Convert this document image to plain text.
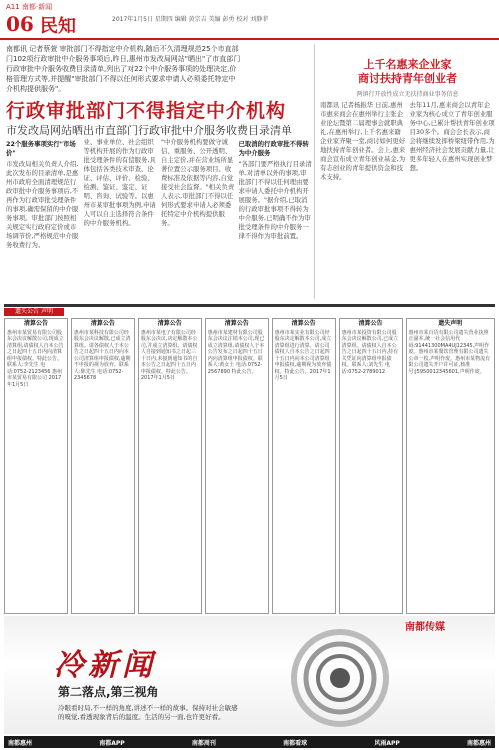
A11 南都·新闻
06 民知	2017年1月5日 星期四 编辑 黄宗吉 美编 彭勇 校对 刘静菲
南都讯 记者蔡萱 审批部门不得指定中介机构,随后不久清理规范25个市直部门102项行政审批中介服务事项后,昨日,惠州市发改局网站"晒出"了市直部门行政审批中介服务收费目录清单,列出了对22个中介服务事项的处理决定,价格管理方式等,并提醒"审批部门不得以任何形式要求申请人必须委托特定中介机构提供服务"。
行政审批部门不得指定中介机构
市发改局网站晒出市直部门行政审批中介服务收费目录清单
22个服务事项实行"市场价"
市发改局相关负责人介绍,此次发布的目录清单,是惠州市政府全面清理规范行政审批中介服务事项后,不再作为行政审批受理条件的事项,确需保留的中介服务事项。审批部门按照相关规定实行政府定价或市场调节价,严格规范中介服务收费行为。
业、事业单位、社会组织等机构开展的作为行政审批受理条件的有偿服务,具体包括各类技术审查、论证、评估、评价、检验、检测、鉴证、鉴定、证明、咨询、试验等。以惠州市某审批事项为例,申请人可以自主选择符合条件的中介服务机构。
"中介服务机构要做守诚信、重服务、公开透明、自主定价,并在营业场所显著位置公示服务项目、收费标准及依据等内容,自觉接受社会监督。"相关负责人表示,审批部门不得以任何形式要求申请人必须委托特定中介机构提供服务。
已取消的行政审批不得转为中介服务
"各部门要严格执行目录清单,对清单以外的事项,审批部门不得以任何理由要求申请人委托中介机构开展服务。"据介绍,已取消的行政审批事项不得转为中介服务,已明确不作为审批受理条件的中介服务一律不得作为审批前置。
上千名惠来企业家
商讨扶持青年创业者
两镇行开放性成立无扶持商业事务信息
南都讯 记者杨振华 日前,惠州市惠来商会在惠州举行主张企业论坛暨第二届理事会就职典礼,在惠州举行,上千名惠来籍企业家齐聚一堂,商讨如何更好地扶持青年创业者。会上,惠来商会宣布成立青年创业基金,为有志创业的青年提供资金和技术支持。
去年11月,惠来商会以青年企业家为核心成立了青年创业服务中心,已累计帮扶青年创业项目30多个。商会会长表示,商会将继续发挥桥梁纽带作用,为惠州经济社会发展贡献力量,让更多年轻人在惠州实现创业梦想。
遗失公告 声明
清算公告
惠州市某贸易有限公司股东会决议解散公司,现成立清算组,请债权人自本公告之日起四十五日内向清算组申报债权。特此公告。联系人:李先生 电话:0752-2123456 惠州市某贸易有限公司 2017年1月5日
清算公告
惠州市某科技有限公司经股东会决议解散,已成立清算组。请各债权人于本公告之日起四十五日内向本公司清算组申报债权,逾期不申报的视为放弃。联系人:陈先生 电话:0752-2345678
清算公告
惠州市某电子有限公司经股东会决议,决定解散本公司,并成立清算组。请债权人自接到通知书之日起三十日内,未接到通知书的自本公告之日起四十五日内申报债权。特此公告。2017年1月5日
清算公告
惠州市某建材有限公司股东会决议注销本公司,现已成立清算组,请债权人于本公告发布之日起四十五日内向清算组申报债权。联系人:黄女士 电话:0752-2567890 特此公告。
清算公告
惠州市某实业有限公司经股东决定解散本公司,成立清算组进行清算。请公司债权人自本公告之日起四十五日内向本公司清算组申报债权,逾期视为放弃债权。特此公告。2017年1月5日
清算公告
惠州市某投资有限公司股东会决议解散公司,已成立清算组。请债权人自本公告之日起四十五日内,持有关凭证向清算组申报债权。联系人:刘先生 电话:0752-2789012
遗失声明
惠州市某百货有限公司遗失营业执照正副本,统一社会信用代码:91441300MA4UJ12345,声明作废。惠州市某餐饮管理有限公司遗失公章一枚,声明作废。惠州市某物流有限公司遗失开户许可证,核准号:J5950012345601,声明作废。
南都传媒
冷新闻
第二落点,第三视角
冷眼看时局,不一样的角度,讲述不一样的故事。保持对社会敏感的嗅觉,看透现象背后的温度。生活的另一面,也许更好看。
南都惠州	南都APP	南都周刊	南都看球	风雨APP	南都惠州
